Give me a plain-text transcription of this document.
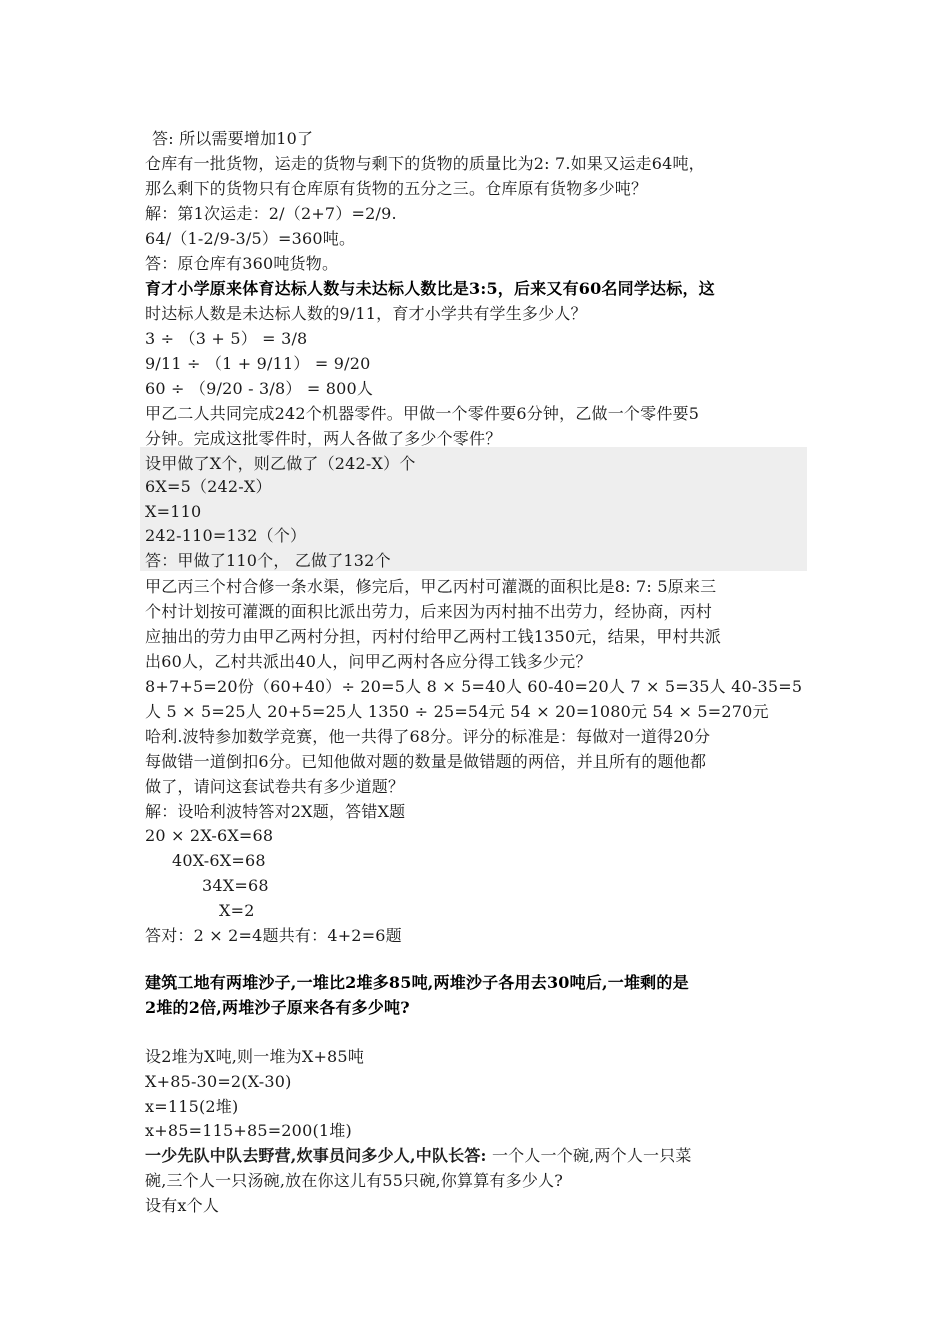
答: 所以需要增加10了
仓库有一批货物，运走的货物与剩下的货物的质量比为2: 7.如果又运走64吨，
那么剩下的货物只有仓库原有货物的五分之三。仓库原有货物多少吨？
解：第1次运走：2/（2+7）=2/9.
64/（1-2/9-3/5）=360吨。
答：原仓库有360吨货物。
育才小学原来体育达标人数与未达标人数比是3:5，后来又有60名同学达标，这
时达标人数是未达标人数的9/11，育才小学共有学生多少人？
3 ÷ （3 + 5） = 3/8
9/11 ÷ （1 + 9/11） = 9/20
60 ÷ （9/20 - 3/8） = 800人
甲乙二人共同完成242个机器零件。甲做一个零件要6分钟，乙做一个零件要5
分钟。完成这批零件时，两人各做了多少个零件？
设甲做了X个，则乙做了（242-X）个
6X=5（242-X）
X=110
242-110=132（个）
答：甲做了110个， 乙做了132个
甲乙丙三个村合修一条水渠，修完后，甲乙丙村可灌溉的面积比是8: 7: 5原来三
个村计划按可灌溉的面积比派出劳力，后来因为丙村抽不出劳力，经协商，丙村
应抽出的劳力由甲乙两村分担，丙村付给甲乙两村工钱1350元，结果，甲村共派
出60人，乙村共派出40人，问甲乙两村各应分得工钱多少元？
8+7+5=20份（60+40）÷ 20=5人 8 × 5=40人 60-40=20人 7 × 5=35人 40-35=5
人 5 × 5=25人 20+5=25人 1350 ÷ 25=54元 54 × 20=1080元 54 × 5=270元
哈利.波特参加数学竞赛，他一共得了68分。评分的标准是：每做对一道得20分
每做错一道倒扣6分。已知他做对题的数量是做错题的两倍，并且所有的题他都
做了，请问这套试卷共有多少道题？
解：设哈利波特答对2X题，答错X题
20 × 2X-6X=68
40X-6X=68
34X=68
X=2
答对：2 × 2=4题共有：4+2=6题
建筑工地有两堆沙子,一堆比2堆多85吨,两堆沙子各用去30吨后,一堆剩的是
2堆的2倍,两堆沙子原来各有多少吨?
设2堆为X吨,则一堆为X+85吨
X+85-30=2(X-30)
x=115(2堆)
x+85=115+85=200(1堆)
一少先队中队去野营,炊事员问多少人,中队长答: 一个人一个碗,两个人一只菜
碗,三个人一只汤碗,放在你这儿有55只碗,你算算有多少人?
设有x个人
